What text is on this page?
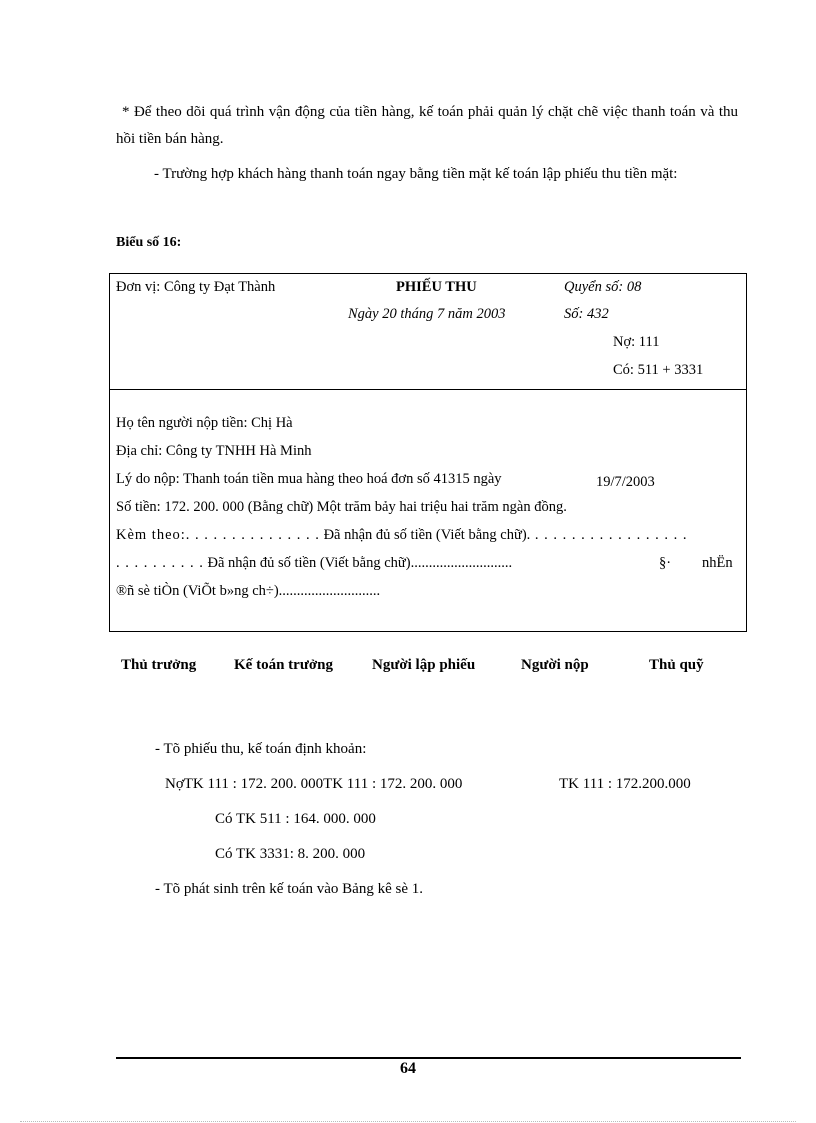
* Để theo dõi quá trình vận động của tiền hàng, kế toán phải quản lý chặt chẽ việc thanh toán và thu hồi tiền bán hàng.
- Trường hợp khách hàng thanh toán ngay bằng tiền mặt kế toán lập phiếu thu tiền mặt:
Biểu số 16:
Đơn vị: Công ty Đạt Thành	PHIẾU THU	Quyển số: 08
Ngày 20 tháng 7 năm 2003	Số: 432
Nợ: 111
Có: 511 + 3331
Họ tên người nộp tiền: Chị Hà
Địa chỉ: Công ty TNHH Hà Minh
Lý do nộp: Thanh toán tiền mua hàng theo hoá đơn số 41315 ngày	19/7/2003
Số tiền: 172. 200. 000 (Bằng chữ) Một trăm bảy hai triệu hai trăm ngàn đồng.
Kèm theo:. . . . . . . . . . . . . . . Đã nhận đủ số tiền (Viết bằng chữ). . . . . . . . . . . . . . . . . .
. . . . . . . . . . Đã nhận đủ số tiền (Viết bằng chữ)............................	§· nhËn
®ñ sè tiÒn (ViÕt b»ng ch÷)............................
Thủ trưởng	Kế toán trưởng	Người lập phiếu	Người nộp	Thủ quỹ
- Tõ phiếu thu, kế toán định khoản:
NợTK 111 : 172. 200. 000TK 111 : 172. 200. 000	TK 111 : 172.200.000
Có TK 511 : 164. 000. 000
Có TK 3331: 8. 200. 000
- Tõ phát sinh trên kế toán vào Bảng kê sè 1.
64
